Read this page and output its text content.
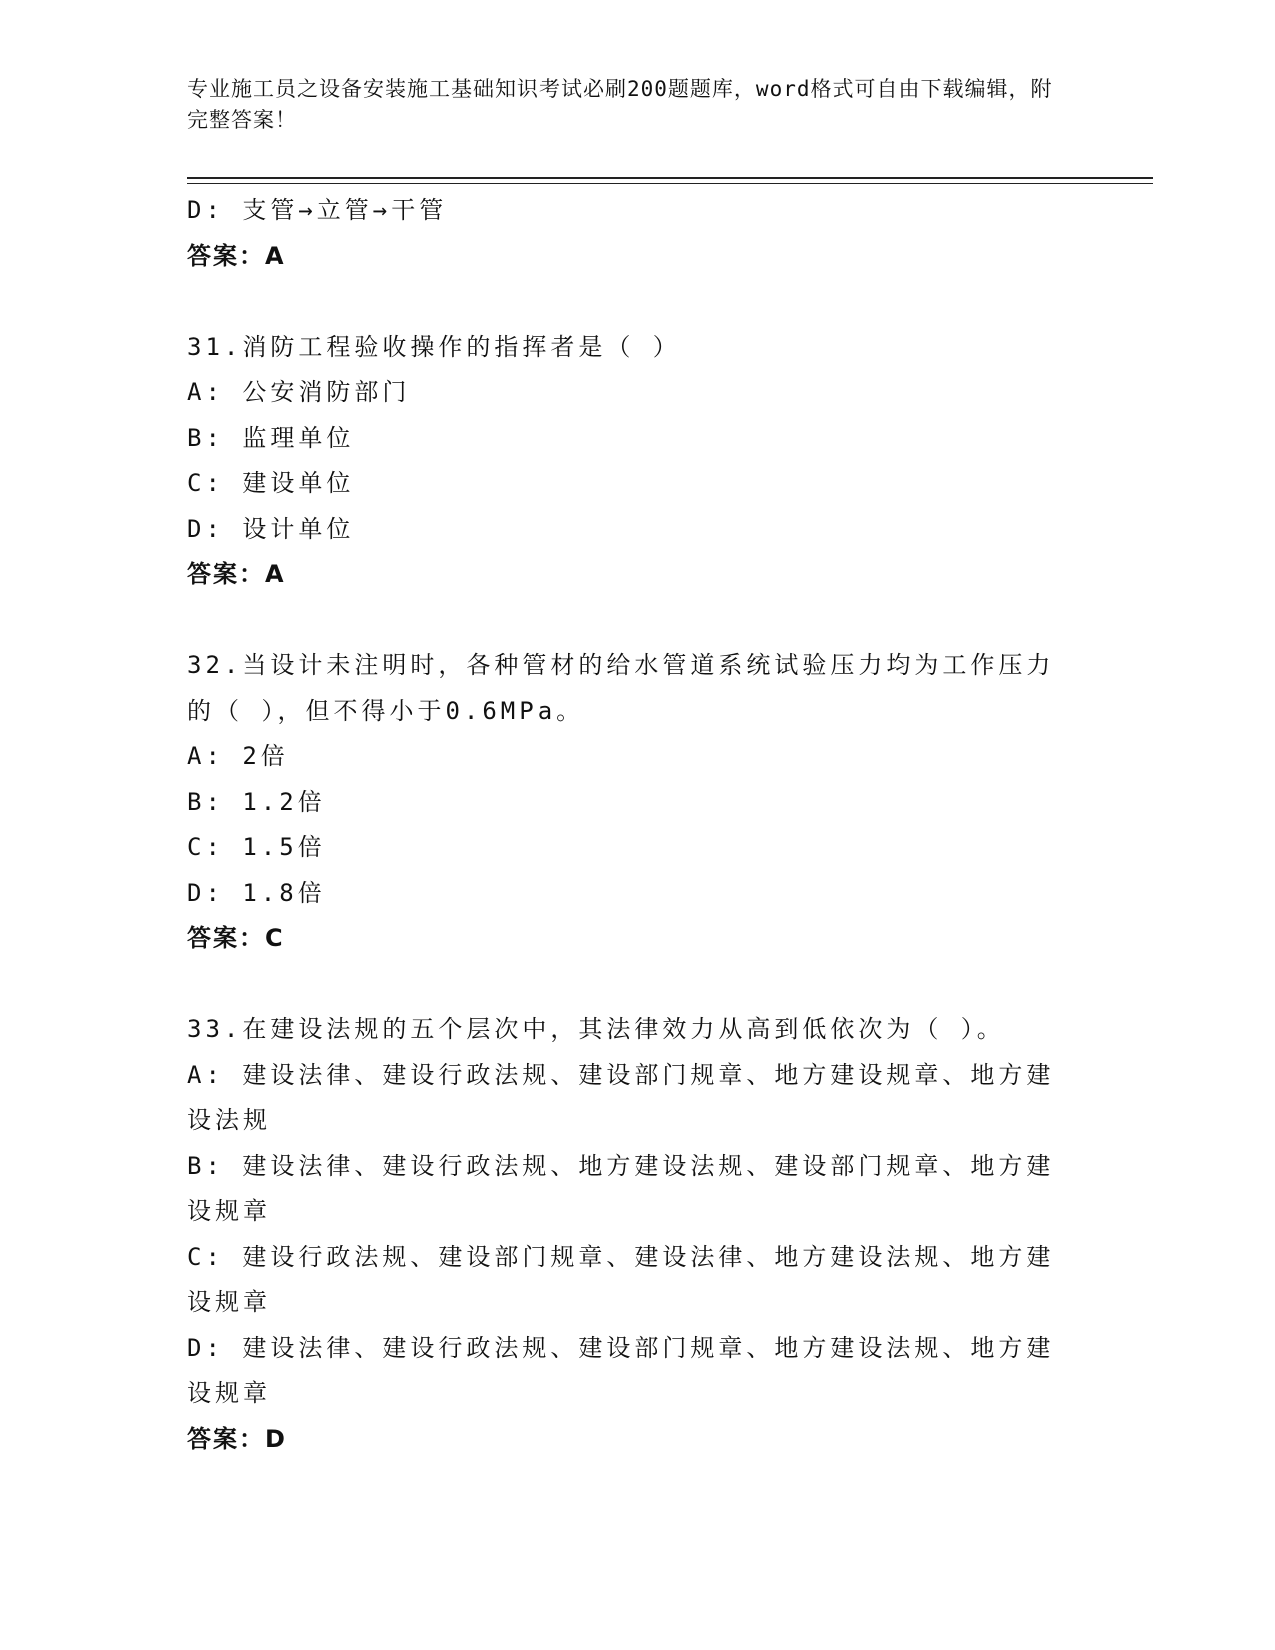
专业施工员之设备安装施工基础知识考试必刷200题题库，word格式可自由下载编辑，附完整答案！
D: 支管→立管→干管
答案：A
31.消防工程验收操作的指挥者是（ ）
A: 公安消防部门
B: 监理单位
C: 建设单位
D: 设计单位
答案：A
32.当设计未注明时，各种管材的给水管道系统试验压力均为工作压力的（ ），但不得小于0.6MPa。
A: 2倍
B: 1.2倍
C: 1.5倍
D: 1.8倍
答案：C
33.在建设法规的五个层次中，其法律效力从高到低依次为（ ）。
A: 建设法律、建设行政法规、建设部门规章、地方建设规章、地方建设法规
B: 建设法律、建设行政法规、地方建设法规、建设部门规章、地方建设规章
C: 建设行政法规、建设部门规章、建设法律、地方建设法规、地方建设规章
D: 建设法律、建设行政法规、建设部门规章、地方建设法规、地方建设规章
答案：D
